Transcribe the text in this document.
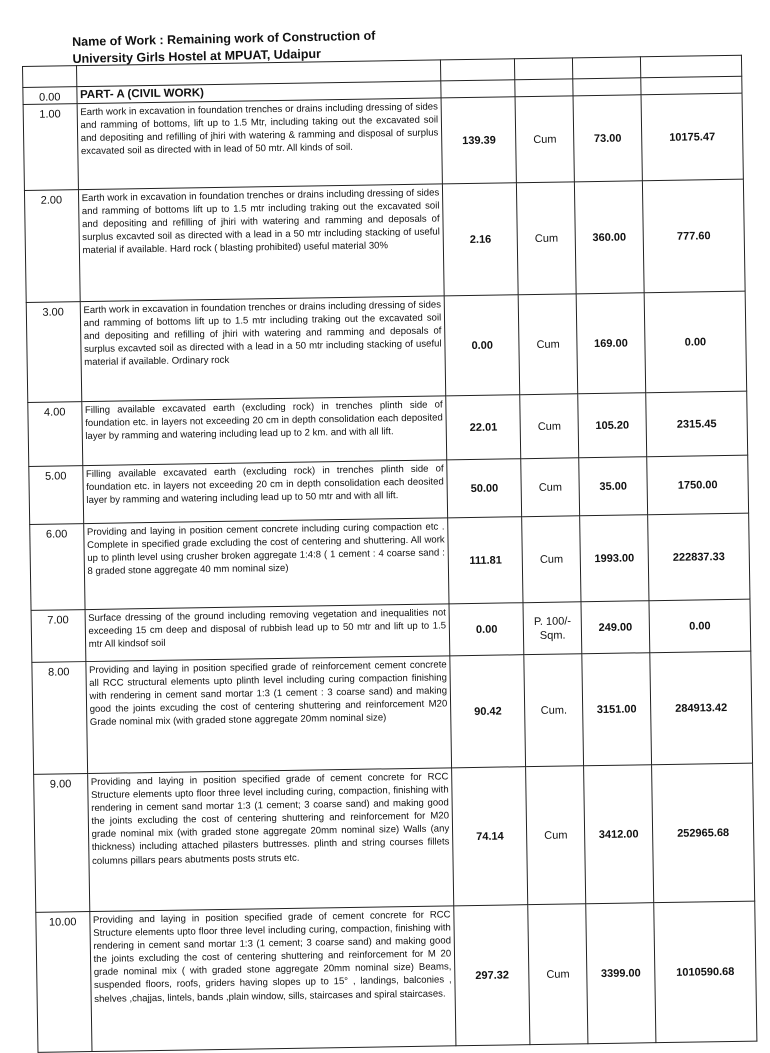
Name of Work : Remaining work of Construction of
University Girls Hostel at MPUAT, Udaipur

0.00	PART- A (CIVIL WORK)				
1.00	Earth work in excavation in foundation trenches or drains including dressing of sides and ramming of bottoms, lift up to 1.5 Mtr, including taking out the excavated soil and depositing and refilling of jhiri with watering & ramming and disposal of surplus excavated soil as directed with in lead of 50 mtr. All kinds of soil.	139.39	Cum	73.00	10175.47
2.00	Earth work in excavation in foundation trenches or drains including dressing of sides and ramming of bottoms lift up to 1.5 mtr including traking out the excavated soil and depositing and refilling of jhiri with watering and ramming and deposals of surplus excavted soil as directed with a lead in a 50 mtr including stacking of useful material if available. Hard rock ( blasting prohibited) useful material 30%	2.16	Cum	360.00	777.60
3.00	Earth work in excavation in foundation trenches or drains including dressing of sides and ramming of bottoms lift up to 1.5 mtr including traking out the excavated soil and depositing and refilling of jhiri with watering and ramming and deposals of surplus excavted soil as directed with a lead in a 50 mtr including stacking of useful material if available. Ordinary rock	0.00	Cum	169.00	0.00
4.00	Filling available excavated earth (excluding rock) in trenches plinth side of foundation etc. in layers not exceeding 20 cm in depth consolidation each deposited layer by ramming and watering including lead up to 2 km. and with all lift.	22.01	Cum	105.20	2315.45
5.00	Filling available excavated earth (excluding rock) in trenches plinth side of foundation etc. in layers not exceeding 20 cm in depth consolidation each deosited layer by ramming and watering including lead up to 50 mtr and with all lift.	50.00	Cum	35.00	1750.00
6.00	Providing and laying in position cement concrete including curing compaction etc . Complete in specified grade excluding the cost of centering and shuttering. All work up to plinth level using crusher broken aggregate 1:4:8 ( 1 cement : 4 coarse sand : 8 graded stone aggregate 40 mm nominal size)	111.81	Cum	1993.00	222837.33
7.00	Surface dressing of the ground including removing vegetation and inequalities not exceeding 15 cm deep and disposal of rubbish lead up to 50 mtr and lift up to 1.5 mtr All kindsof soil	0.00	P. 100/- Sqm.	249.00	0.00
8.00	Providing and laying in position specified grade of reinforcement cement concrete all RCC structural elements upto plinth level including curing compaction finishing with rendering in cement sand mortar 1:3 (1 cement : 3 coarse sand) and making good the joints excuding the cost of centering shuttering and reinforcement M20 Grade nominal mix (with graded stone aggregate 20mm nominal size)	90.42	Cum.	3151.00	284913.42
9.00	Providing and laying in position specified grade of cement concrete for RCC Structure elements upto floor three level including curing, compaction, finishing with rendering in cement sand mortar 1:3 (1 cement; 3 coarse sand) and making good the joints excluding the cost of centering shuttering and reinforcement for M20 grade nominal mix (with graded stone aggregate 20mm nominal size) Walls (any thickness) including attached pilasters buttresses. plinth and string courses fillets columns pillars pears abutments posts struts etc.	74.14	Cum	3412.00	252965.68
10.00	Providing and laying in position specified grade of cement concrete for RCC Structure elements upto floor three level including curing, compaction, finishing with rendering in cement sand mortar 1:3 (1 cement; 3 coarse sand) and making good the joints excluding the cost of centering shuttering and reinforcement for M 20 grade nominal mix ( with graded stone aggregate 20mm nominal size) Beams, suspended floors, roofs, griders having slopes up to 15° , landings, balconies , shelves ,chajjas, lintels, bands ,plain window, sills, staircases and spiral staircases.	297.32	Cum	3399.00	1010590.68
